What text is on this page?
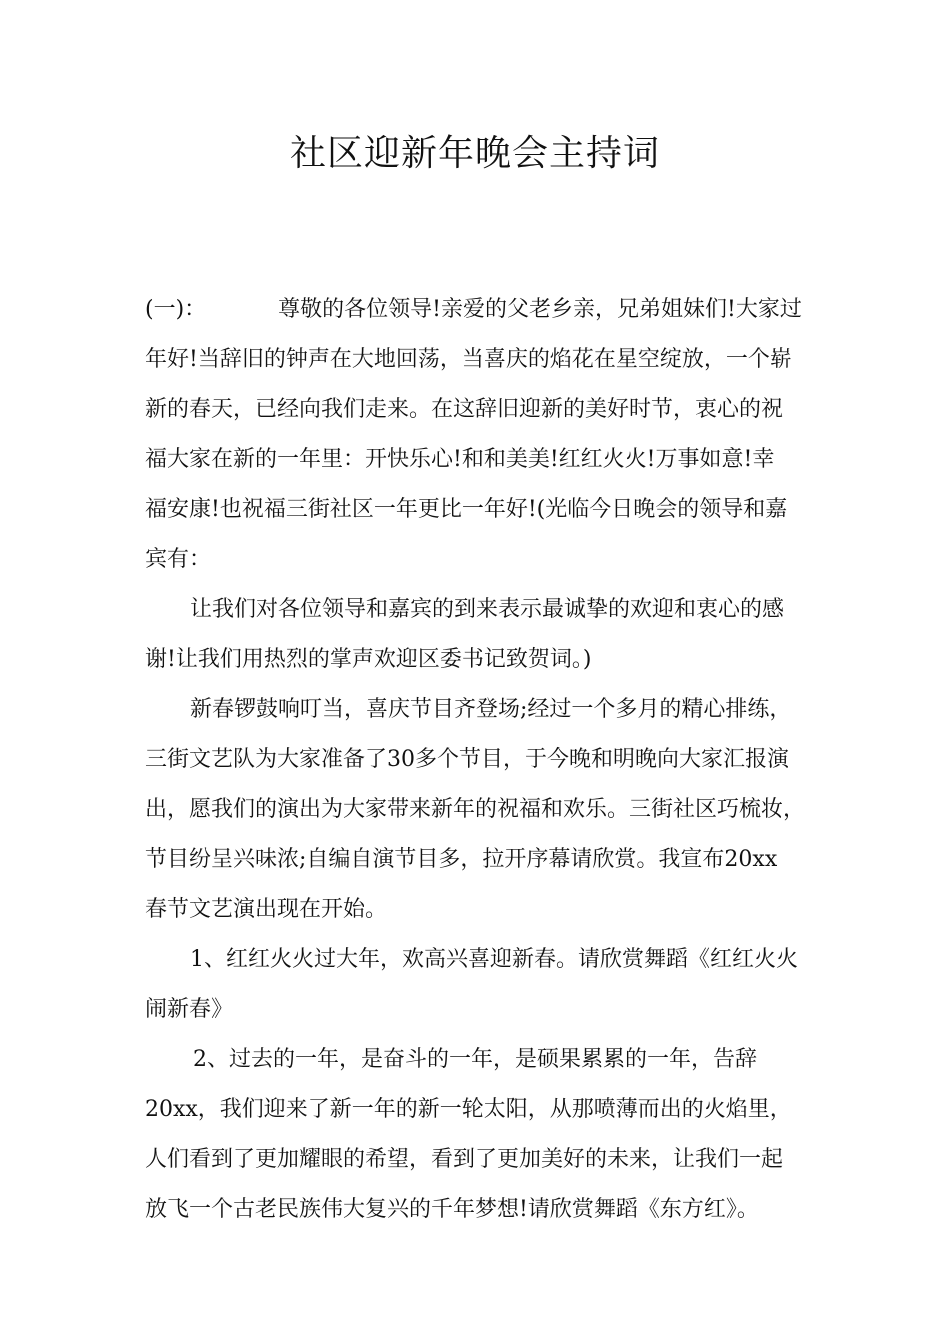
社区迎新年晚会主持词

(一)：	尊敬的各位领导!亲爱的父老乡亲，兄弟姐妹们!大家过

年好!当辞旧的钟声在大地回荡，当喜庆的焰花在星空绽放，一个崭

新的春天，已经向我们走来。在这辞旧迎新的美好时节，衷心的祝

福大家在新的一年里：开快乐心!和和美美!红红火火!万事如意!幸

福安康!也祝福三街社区一年更比一年好!(光临今日晚会的领导和嘉

宾有：

让我们对各位领导和嘉宾的到来表示最诚挚的欢迎和衷心的感

谢!让我们用热烈的掌声欢迎区委书记致贺词。)

新春锣鼓响叮当，喜庆节目齐登场;经过一个多月的精心排练，

三街文艺队为大家准备了30多个节目，于今晚和明晚向大家汇报演

出，愿我们的演出为大家带来新年的祝福和欢乐。三街社区巧梳妆，

节目纷呈兴味浓;自编自演节目多，拉开序幕请欣赏。我宣布20xx

春节文艺演出现在开始。

1、红红火火过大年，欢高兴喜迎新春。请欣赏舞蹈《红红火火

闹新春》

2、过去的一年，是奋斗的一年，是硕果累累的一年，告辞

20xx，我们迎来了新一年的新一轮太阳，从那喷薄而出的火焰里，

人们看到了更加耀眼的希望，看到了更加美好的未来，让我们一起

放飞一个古老民族伟大复兴的千年梦想!请欣赏舞蹈《东方红》。
